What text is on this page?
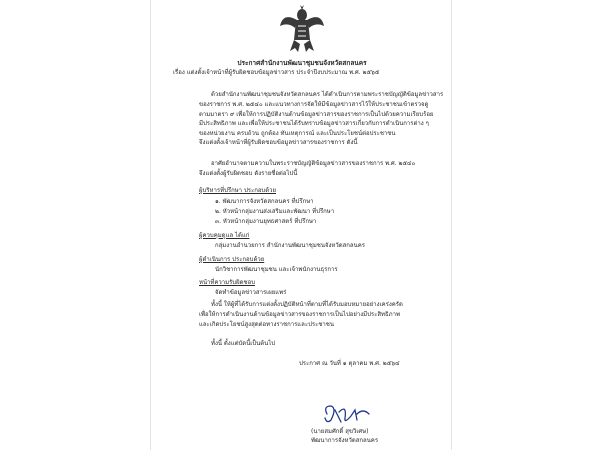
ประกาศสำนักงานพัฒนาชุมชนจังหวัดสกลนคร
เรื่อง แต่งตั้งเจ้าหน้าที่ผู้รับผิดชอบข้อมูลข่าวสาร ประจำปีงบประมาณ พ.ศ. ๒๕๖๕
ด้วยสำนักงานพัฒนาชุมชนจังหวัดสกลนคร ได้ดำเนินการตามพระราชบัญญัติข้อมูลข่าวสาร
ของราชการ พ.ศ. ๒๕๔๐ และแนวทางการจัดให้มีข้อมูลข่าวสารไว้ให้ประชาชนเข้าตรวจดู
ตามมาตรา ๙ เพื่อให้การปฏิบัติงานด้านข้อมูลข่าวสารของราชการเป็นไปด้วยความเรียบร้อย
มีประสิทธิภาพ และเพื่อให้ประชาชนได้รับทราบข้อมูลข่าวสารเกี่ยวกับการดำเนินการต่าง ๆ
ของหน่วยงาน ครบถ้วน ถูกต้อง ทันเหตุการณ์ และเป็นประโยชน์ต่อประชาชน
จึงแต่งตั้งเจ้าหน้าที่ผู้รับผิดชอบข้อมูลข่าวสารของราชการ ดังนี้
อาศัยอำนาจตามความในพระราชบัญญัติข้อมูลข่าวสารของราชการ พ.ศ. ๒๕๔๐
จึงแต่งตั้งผู้รับผิดชอบ ดังรายชื่อต่อไปนี้
ผู้บริหารที่ปรึกษา ประกอบด้วย
๑. พัฒนาการจังหวัดสกลนคร ที่ปรึกษา
๒. หัวหน้ากลุ่มงานส่งเสริมและพัฒนา ที่ปรึกษา
๓. หัวหน้ากลุ่มงานยุทธศาสตร์ ที่ปรึกษา
ผู้ควบคุมดูแล ได้แก่
กลุ่มงานอำนวยการ สำนักงานพัฒนาชุมชนจังหวัดสกลนคร
ผู้ดำเนินการ ประกอบด้วย
นักวิชาการพัฒนาชุมชน และเจ้าพนักงานธุรการ
หน้าที่ความรับผิดชอบ
จัดทำข้อมูลข่าวสารเผยแพร่
ทั้งนี้ ให้ผู้ที่ได้รับการแต่งตั้งปฏิบัติหน้าที่ตามที่ได้รับมอบหมายอย่างเคร่งครัด
เพื่อให้การดำเนินงานด้านข้อมูลข่าวสารของราชการเป็นไปอย่างมีประสิทธิภาพ
และเกิดประโยชน์สูงสุดต่อทางราชการและประชาชน
ทั้งนี้ ตั้งแต่บัดนี้เป็นต้นไป
ประกาศ ณ วันที่ ๑ ตุลาคม พ.ศ. ๒๕๖๔
(นายสมศักดิ์ สุขวิเศษ)
พัฒนาการจังหวัดสกลนคร
